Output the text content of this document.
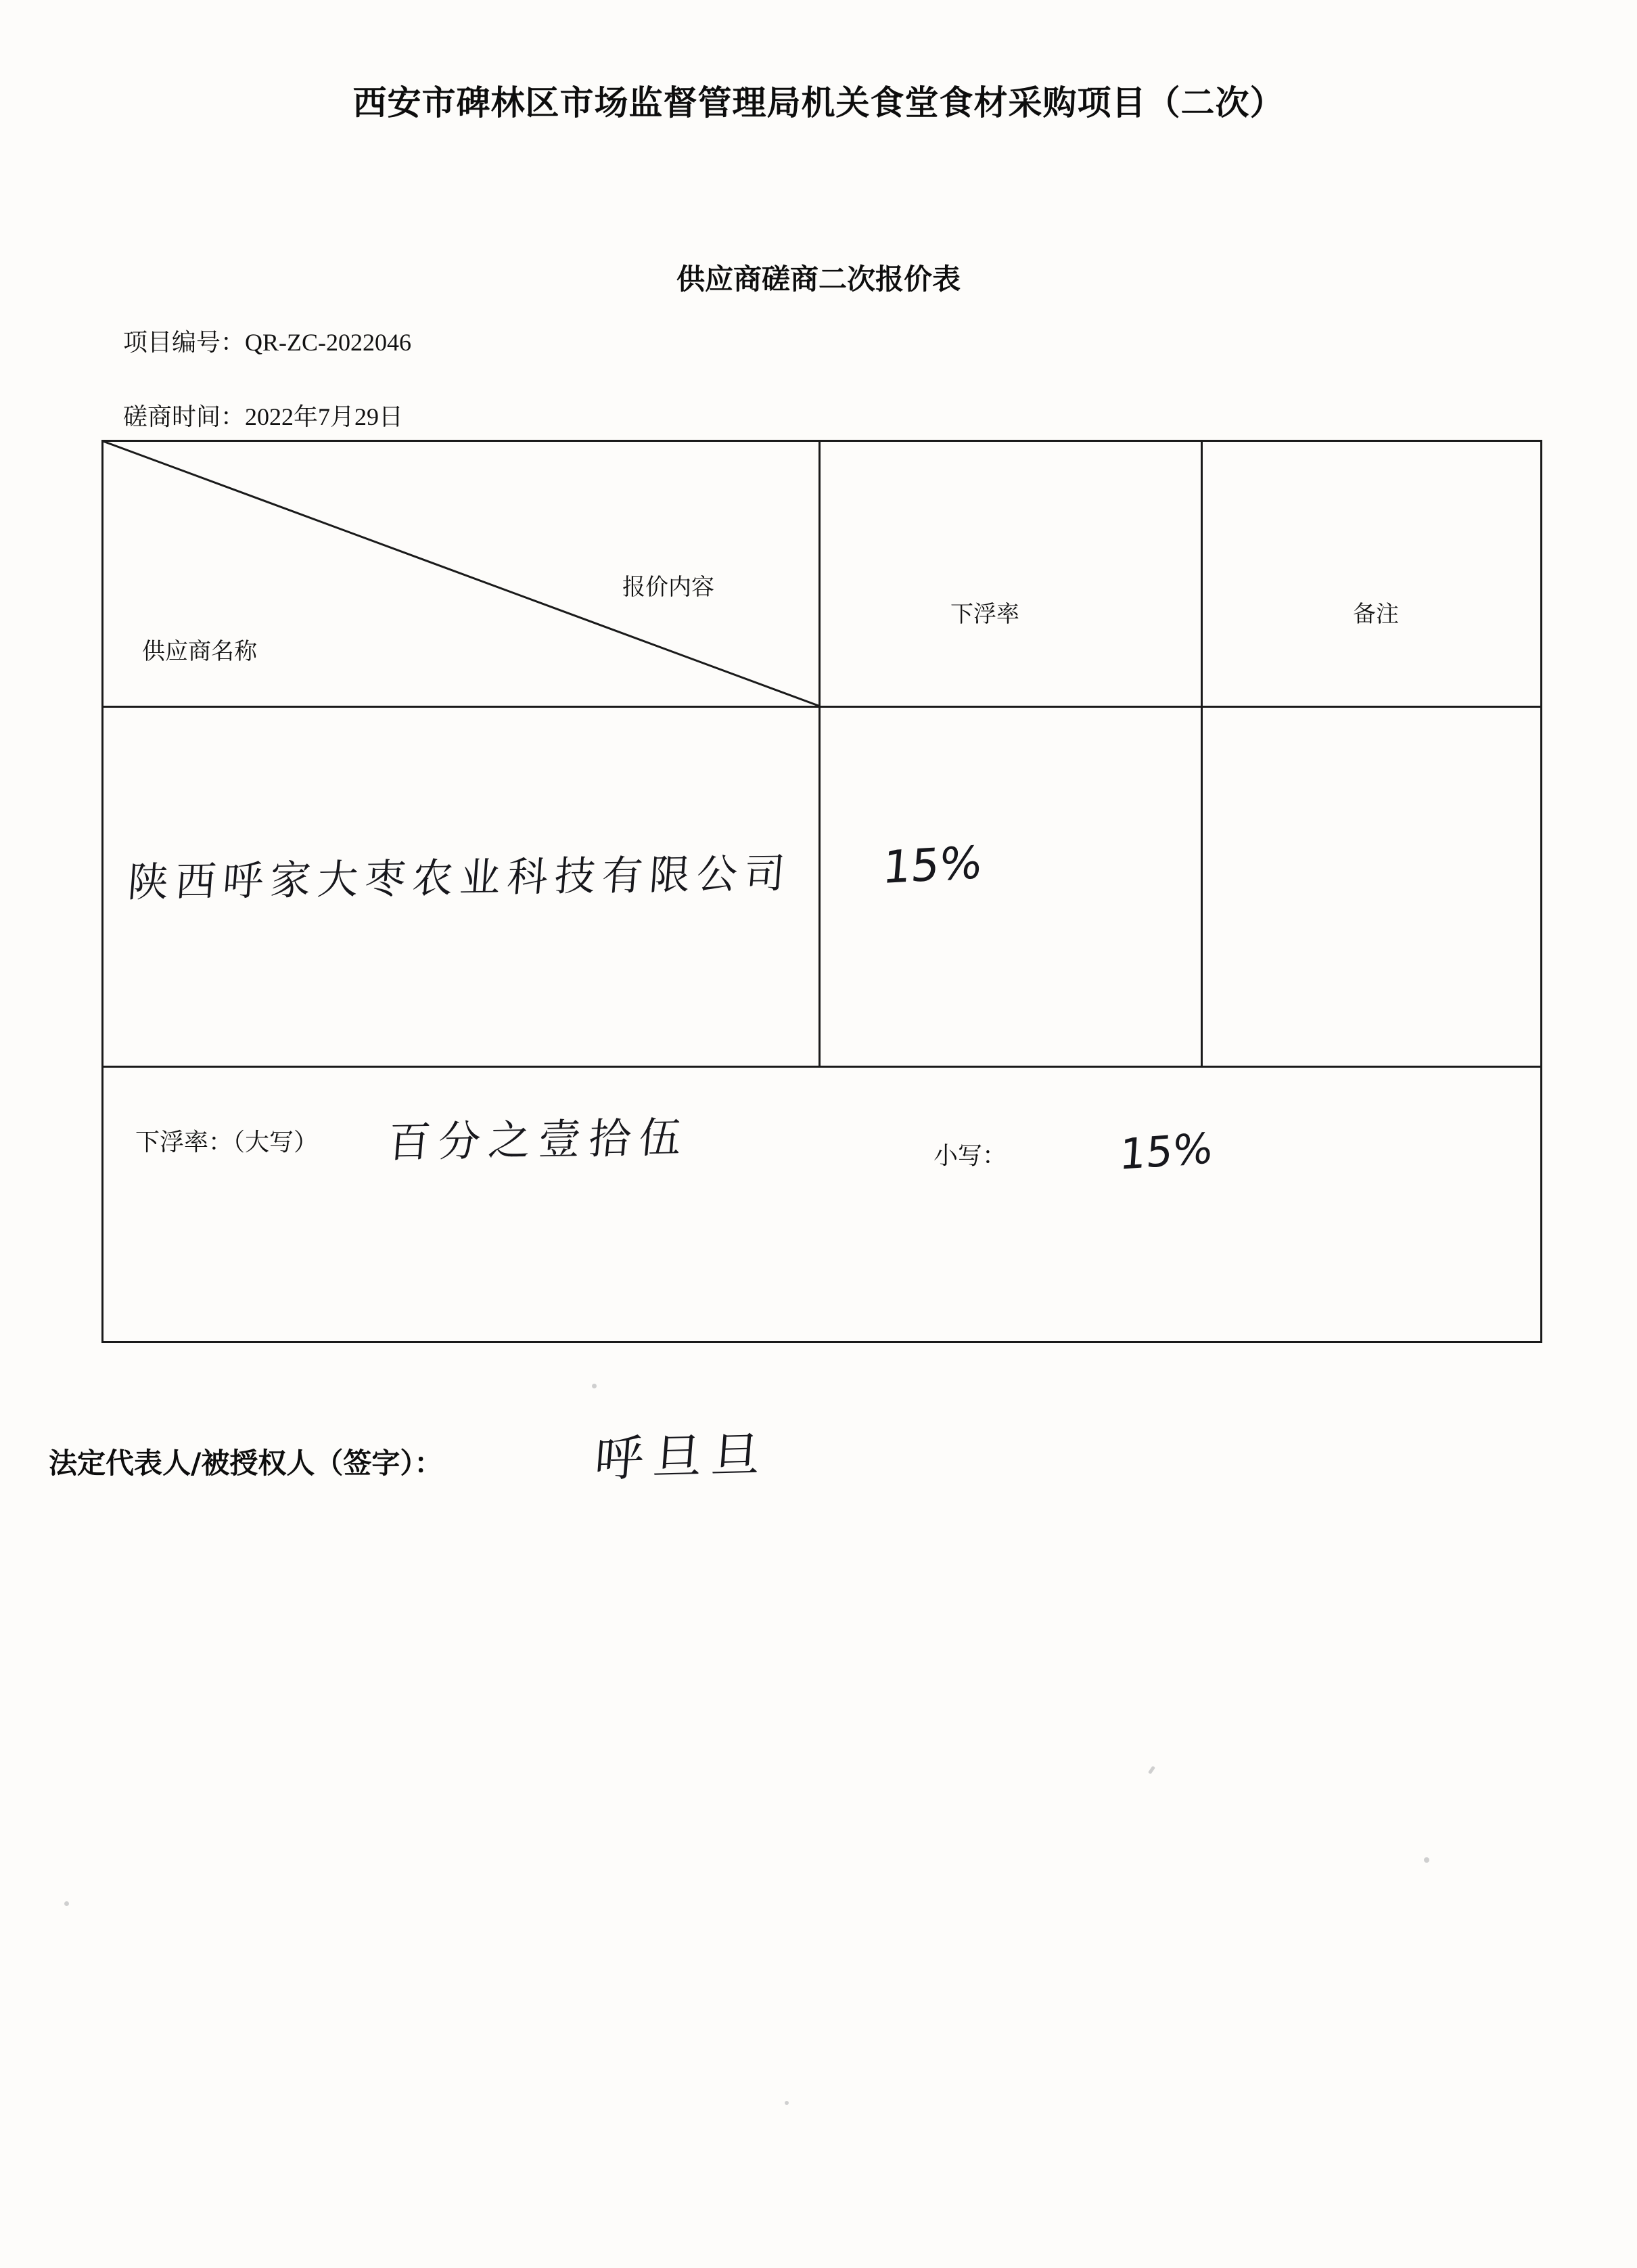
西安市碑林区市场监督管理局机关食堂食材采购项目（二次）
供应商磋商二次报价表
项目编号：QR-ZC-2022046
磋商时间：2022年7月29日
报价内容
供应商名称
下浮率	备注
陕西呼家大枣农业科技有限公司 15%
下浮率：（大写） 百分之壹拾伍	小写：	15%
法定代表人/被授权人（签字）：	呼旦旦
